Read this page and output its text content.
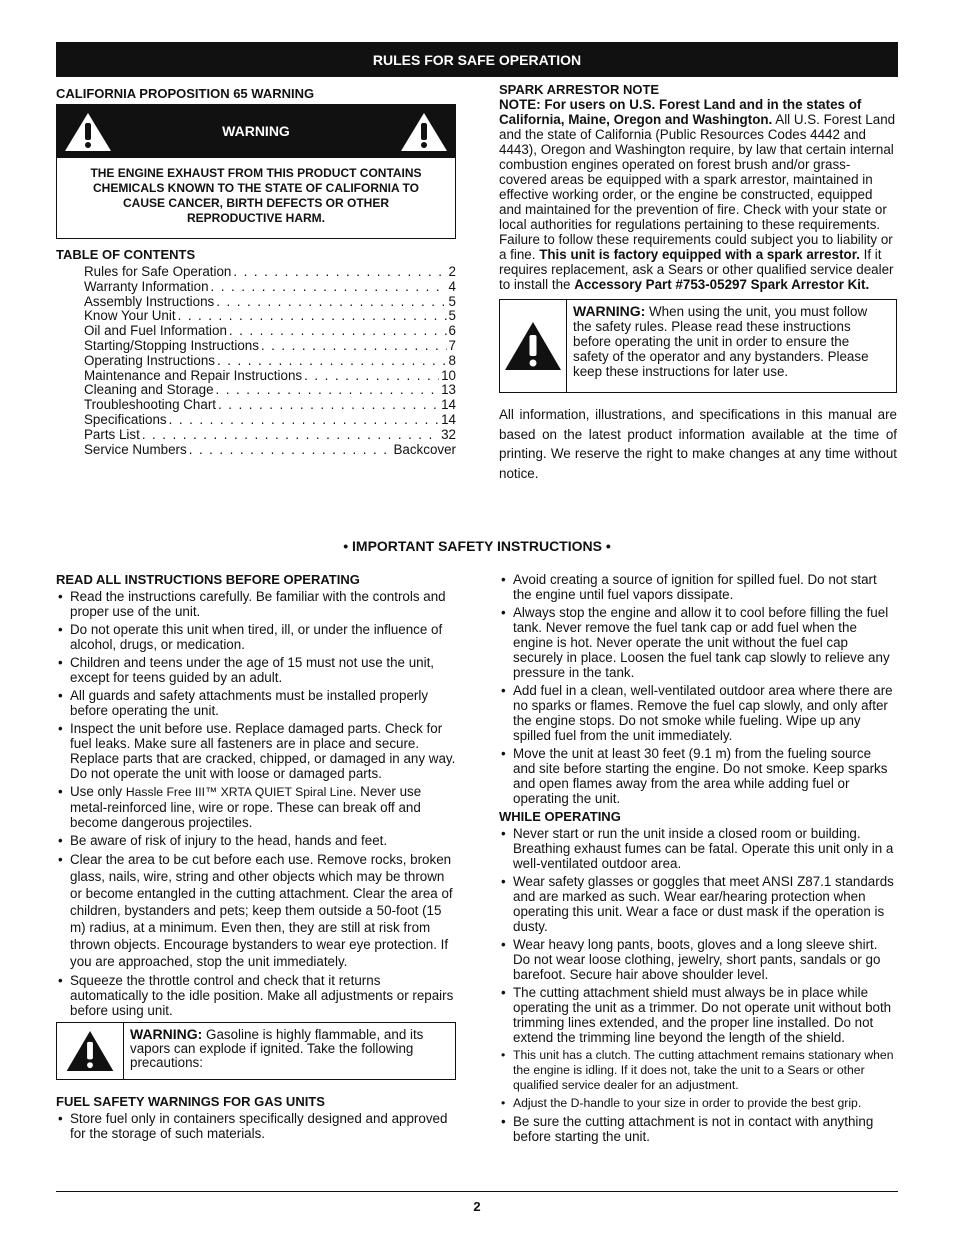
RULES FOR SAFE OPERATION

CALIFORNIA PROPOSITION 65 WARNING

WARNING
THE ENGINE EXHAUST FROM THIS PRODUCT CONTAINS CHEMICALS KNOWN TO THE STATE OF CALIFORNIA TO CAUSE CANCER, BIRTH DEFECTS OR OTHER REPRODUCTIVE HARM.

TABLE OF CONTENTS

Rules for Safe Operation . . .	2
Warranty Information . . .	4
Assembly Instructions . . .	5
Know Your Unit . . .	5
Oil and Fuel Information . . .	6
Starting/Stopping Instructions . . .	7
Operating Instructions . . .	8
Maintenance and Repair Instructions . . .	10
Cleaning and Storage . . .	13
Troubleshooting Chart . . .	14
Specifications . . .	14
Parts List . . .	32
Service Numbers . . .	Backcover

SPARK ARRESTOR NOTE

NOTE: For users on U.S. Forest Land and in the states of California, Maine, Oregon and Washington. All U.S. Forest Land and the state of California (Public Resources Codes 4442 and 4443), Oregon and Washington require, by law that certain internal combustion engines operated on forest brush and/or grass-covered areas be equipped with a spark arrestor, maintained in effective working order, or the engine be constructed, equipped and maintained for the prevention of fire. Check with your state or local authorities for regulations pertaining to these requirements. Failure to follow these requirements could subject you to liability or a fine. This unit is factory equipped with a spark arrestor. If it requires replacement, ask a Sears or other qualified service dealer to install the Accessory Part #753-05297 Spark Arrestor Kit.

WARNING: When using the unit, you must follow the safety rules. Please read these instructions before operating the unit in order to ensure the safety of the operator and any bystanders. Please keep these instructions for later use.

All information, illustrations, and specifications in this manual are based on the latest product information available at the time of printing. We reserve the right to make changes at any time without notice.

• IMPORTANT SAFETY INSTRUCTIONS •

READ ALL INSTRUCTIONS BEFORE OPERATING

• Read the instructions carefully. Be familiar with the controls and proper use of the unit.
• Do not operate this unit when tired, ill, or under the influence of alcohol, drugs, or medication.
• Children and teens under the age of 15 must not use the unit, except for teens guided by an adult.
• All guards and safety attachments must be installed properly before operating the unit.
• Inspect the unit before use. Replace damaged parts. Check for fuel leaks. Make sure all fasteners are in place and secure. Replace parts that are cracked, chipped, or damaged in any way. Do not operate the unit with loose or damaged parts.
• Use only Hassle Free III™ XRTA QUIET Spiral Line. Never use metal-reinforced line, wire or rope. These can break off and become dangerous projectiles.
• Be aware of risk of injury to the head, hands and feet.
• Clear the area to be cut before each use. Remove rocks, broken glass, nails, wire, string and other objects which may be thrown or become entangled in the cutting attachment. Clear the area of children, bystanders and pets; keep them outside a 50-foot (15 m) radius, at a minimum. Even then, they are still at risk from thrown objects. Encourage bystanders to wear eye protection. If you are approached, stop the unit immediately.
• Squeeze the throttle control and check that it returns automatically to the idle position. Make all adjustments or repairs before using unit.
WARNING: Gasoline is highly flammable, and its vapors can explode if ignited. Take the following precautions:

FUEL SAFETY WARNINGS FOR GAS UNITS

• Store fuel only in containers specifically designed and approved for the storage of such materials.
• Avoid creating a source of ignition for spilled fuel. Do not start the engine until fuel vapors dissipate.
• Always stop the engine and allow it to cool before filling the fuel tank. Never remove the fuel tank cap or add fuel when the engine is hot. Never operate the unit without the fuel cap securely in place. Loosen the fuel tank cap slowly to relieve any pressure in the tank.
• Add fuel in a clean, well-ventilated outdoor area where there are no sparks or flames. Remove the fuel cap slowly, and only after the engine stops. Do not smoke while fueling. Wipe up any spilled fuel from the unit immediately.
• Move the unit at least 30 feet (9.1 m) from the fueling source and site before starting the engine. Do not smoke. Keep sparks and open flames away from the area while adding fuel or operating the unit.

WHILE OPERATING

• Never start or run the unit inside a closed room or building. Breathing exhaust fumes can be fatal. Operate this unit only in a well-ventilated outdoor area.
• Wear safety glasses or goggles that meet ANSI Z87.1 standards and are marked as such. Wear ear/hearing protection when operating this unit. Wear a face or dust mask if the operation is dusty.
• Wear heavy long pants, boots, gloves and a long sleeve shirt. Do not wear loose clothing, jewelry, short pants, sandals or go barefoot. Secure hair above shoulder level.
• The cutting attachment shield must always be in place while operating the unit as a trimmer. Do not operate unit without both trimming lines extended, and the proper line installed. Do not extend the trimming line beyond the length of the shield.
• This unit has a clutch. The cutting attachment remains stationary when the engine is idling. If it does not, take the unit to a Sears or other qualified service dealer for an adjustment.
• Adjust the D-handle to your size in order to provide the best grip.
• Be sure the cutting attachment is not in contact with anything before starting the unit.
2
